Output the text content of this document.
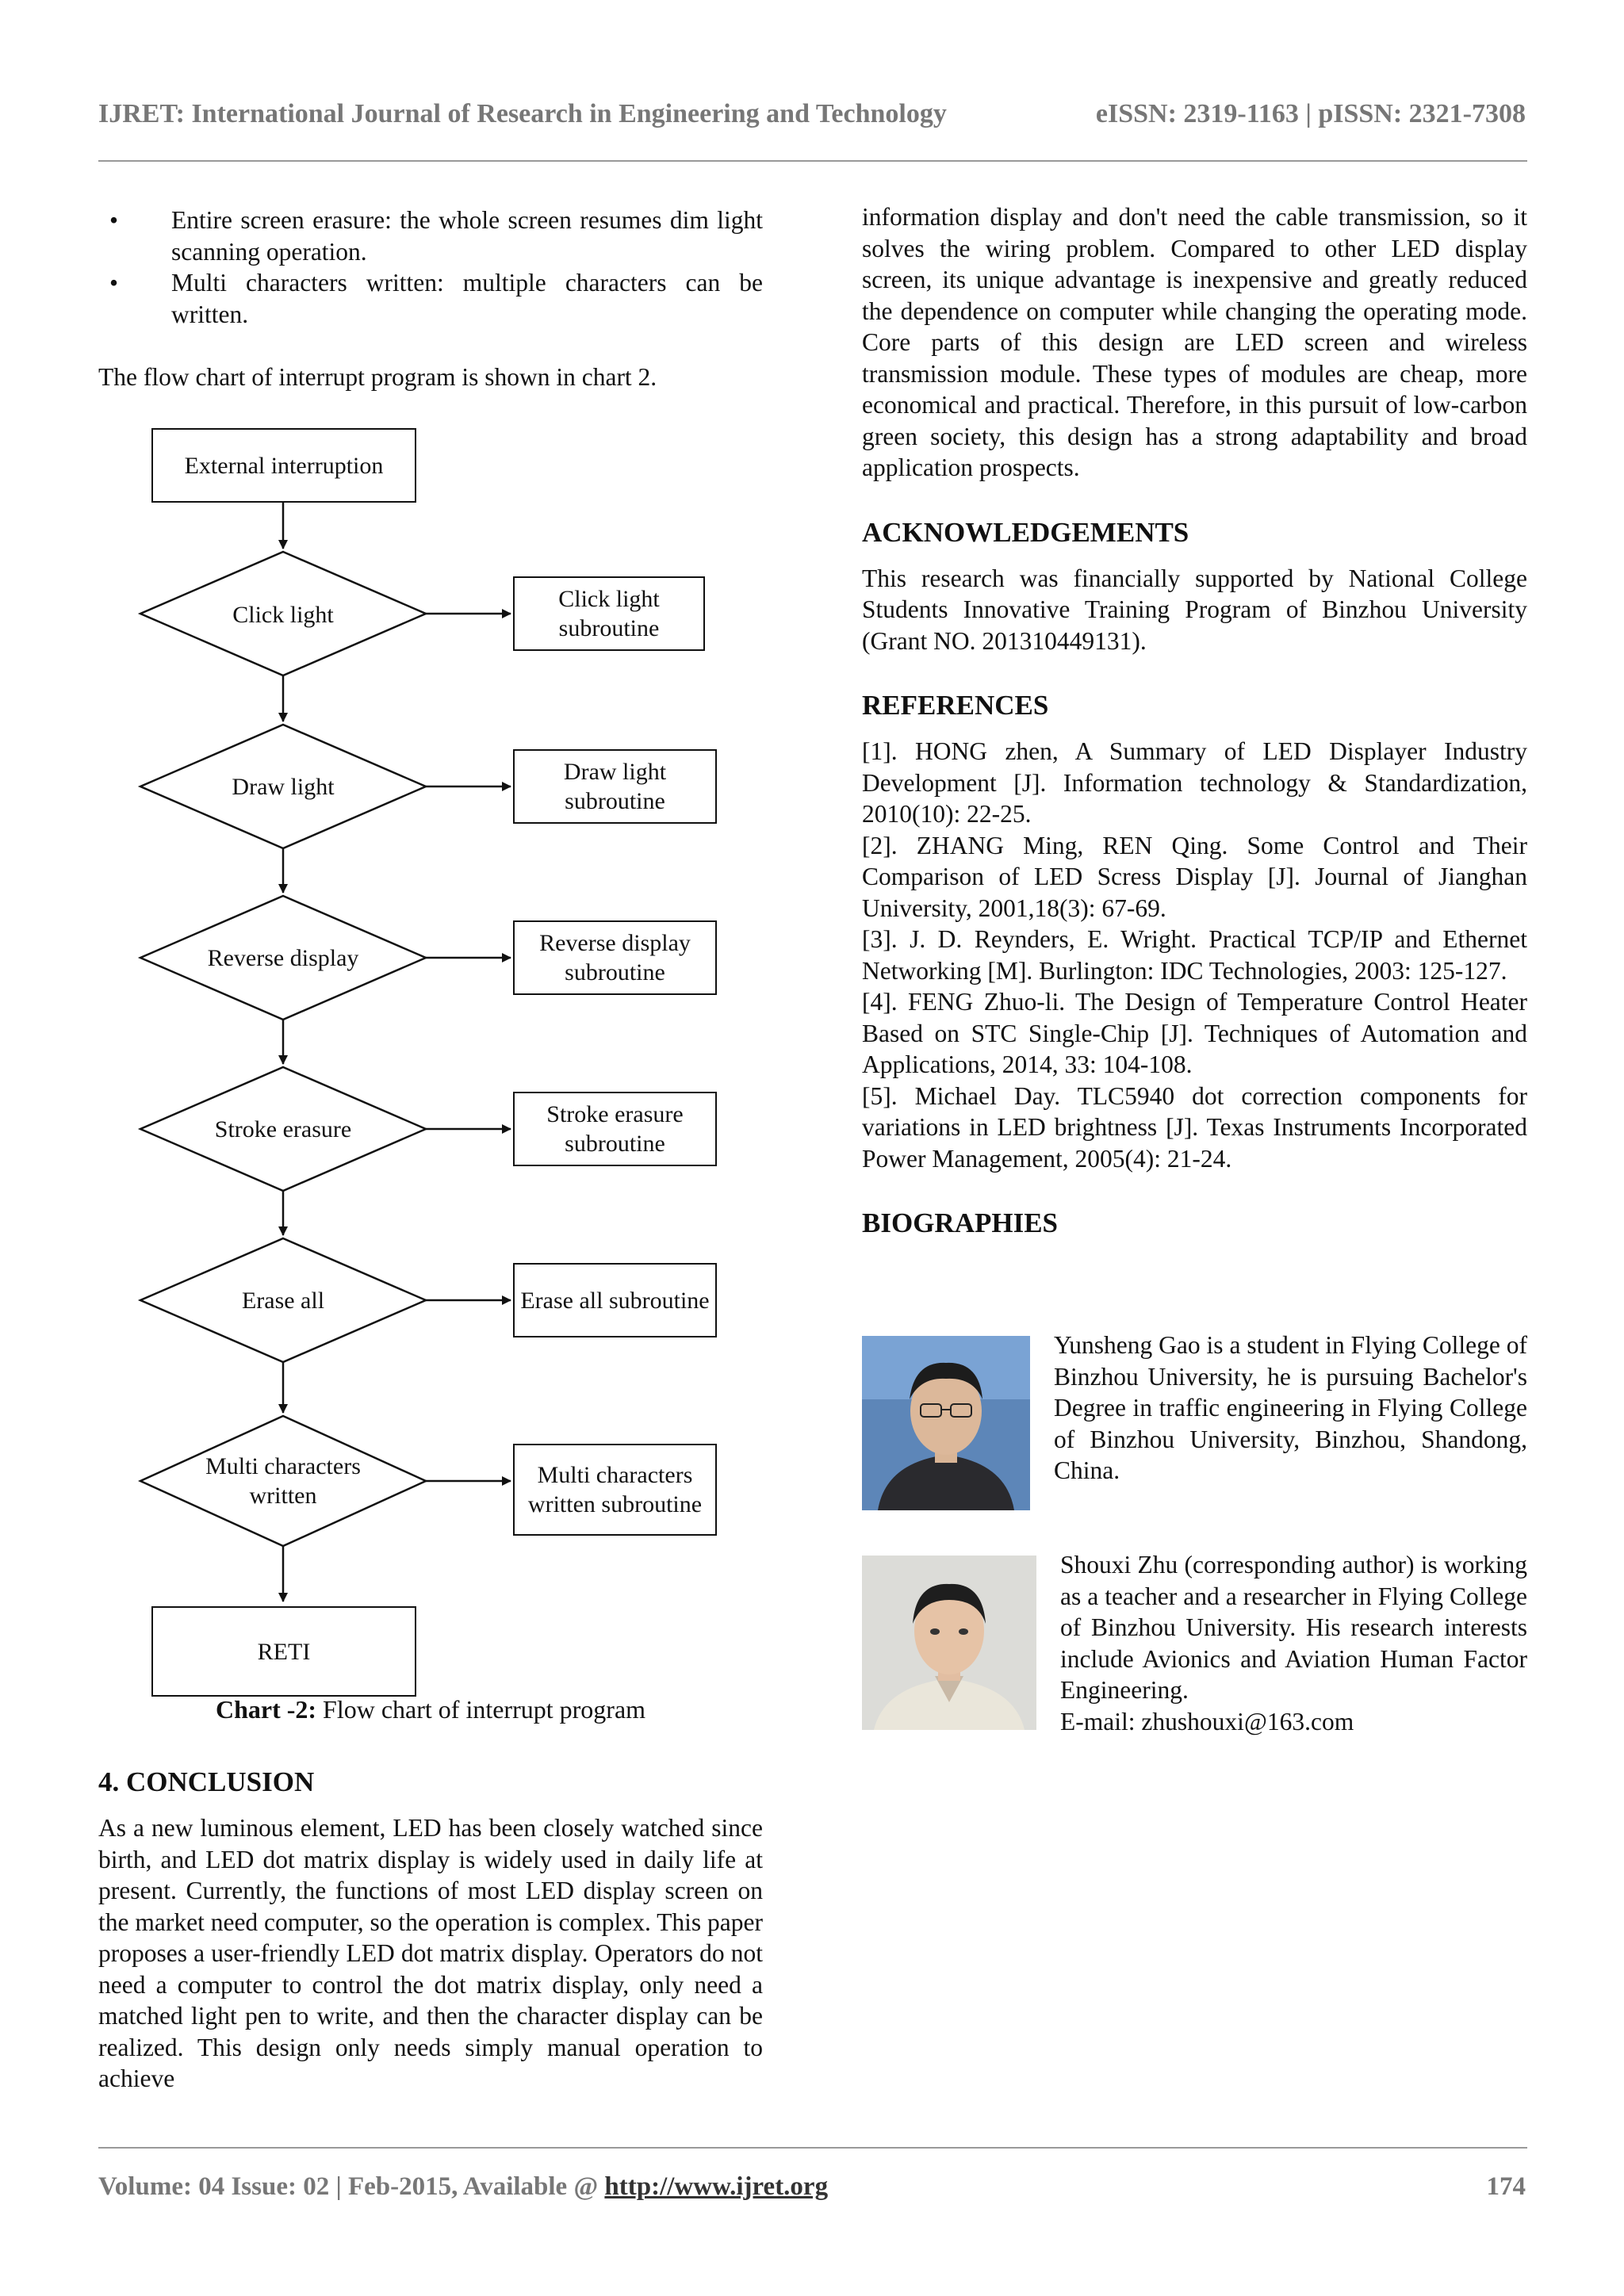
IJRET: International Journal of Research in Engineering and Technology	eISSN: 2319-1163 | pISSN: 2321-7308
• Entire screen erasure: the whole screen resumes dim light scanning operation.
• Multi characters written: multiple characters can be written.

The flow chart of interrupt program is shown in chart 2.

External interruption
Click light
Click light subroutine
Draw light
Draw light subroutine
Reverse display
Reverse display subroutine
Stroke erasure
Stroke erasure subroutine
Erase all	Erase all subroutine
Multi characters written
Multi characters written subroutine
RETI
Chart -2: Flow chart of interrupt program
4. CONCLUSION

As a new luminous element, LED has been closely watched since birth, and LED dot matrix display is widely used in daily life at present. Currently, the functions of most LED display screen on the market need computer, so the operation is complex. This paper proposes a user-friendly LED dot matrix display. Operators do not need a computer to control the dot matrix display, only need a matched light pen to write, and then the character display can be realized. This design only needs simply manual operation to achieve

information display and don't need the cable transmission, so it solves the wiring problem. Compared to other LED display screen, its unique advantage is inexpensive and greatly reduced the dependence on computer while changing the operating mode. Core parts of this design are LED screen and wireless transmission module. These types of modules are cheap, more economical and practical. Therefore, in this pursuit of low-carbon green society, this design has a strong adaptability and broad application prospects.

ACKNOWLEDGEMENTS

This research was financially supported by National College Students Innovative Training Program of Binzhou University (Grant NO. 201310449131).

REFERENCES

[1]. HONG zhen, A Summary of LED Displayer Industry Development [J]. Information technology & Standardization, 2010(10): 22-25.

[2]. ZHANG Ming, REN Qing. Some Control and Their Comparison of LED Scress Display [J]. Journal of Jianghan University, 2001,18(3): 67-69.

[3]. J. D. Reynders, E. Wright. Practical TCP/IP and Ethernet Networking [M]. Burlington: IDC Technologies, 2003: 125-127.

[4]. FENG Zhuo-li. The Design of Temperature Control Heater Based on STC Single-Chip [J]. Techniques of Automation and Applications, 2014, 33: 104-108.

[5]. Michael Day. TLC5940 dot correction components for variations in LED brightness [J]. Texas Instruments Incorporated Power Management, 2005(4): 21-24.

BIOGRAPHIES

Yunsheng Gao is a student in Flying College of Binzhou University, he is pursuing Bachelor's Degree in traffic engineering in Flying College of Binzhou University, Binzhou, Shandong, China.

Shouxi Zhu (corresponding author) is working as a teacher and a researcher in Flying College of Binzhou University. His research interests include Avionics and Aviation Human Factor Engineering.

E-mail: zhushouxi@163.com

Volume: 04 Issue: 02 | Feb-2015, Available @ http://www.ijret.org	174
